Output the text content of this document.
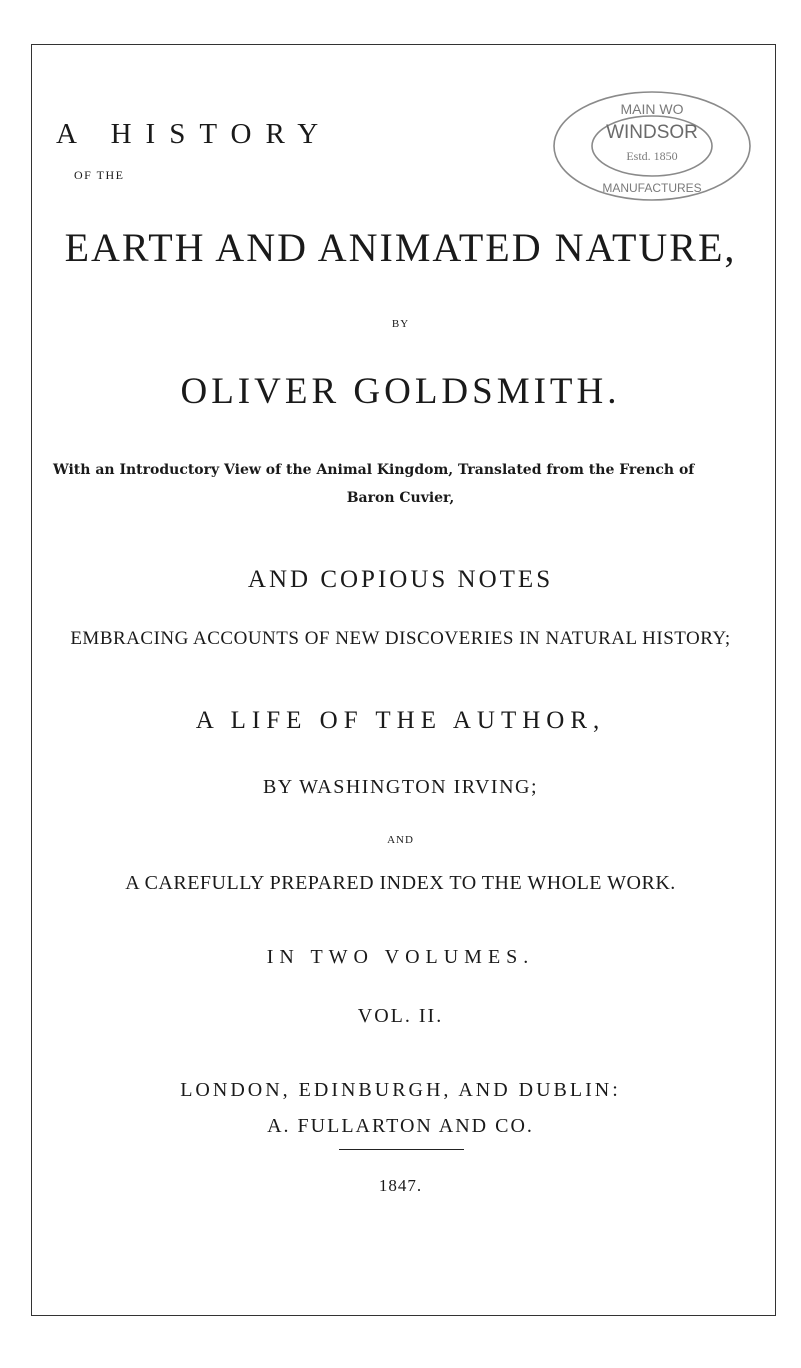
A HISTORY
OF THE
MAIN WO
WINDSOR
Estd. 1850
MANUFACTURES
EARTH AND ANIMATED NATURE,
BY
OLIVER GOLDSMITH.
With an Introductory View of the Animal Kingdom, Translated from the French of
Baron Cuvier,
AND COPIOUS NOTES
EMBRACING ACCOUNTS OF NEW DISCOVERIES IN NATURAL HISTORY;
A LIFE OF THE AUTHOR,
BY WASHINGTON IRVING;
AND
A CAREFULLY PREPARED INDEX TO THE WHOLE WORK.
IN TWO VOLUMES.
VOL. II.
LONDON, EDINBURGH, AND DUBLIN:
A. FULLARTON AND CO.
1847.
